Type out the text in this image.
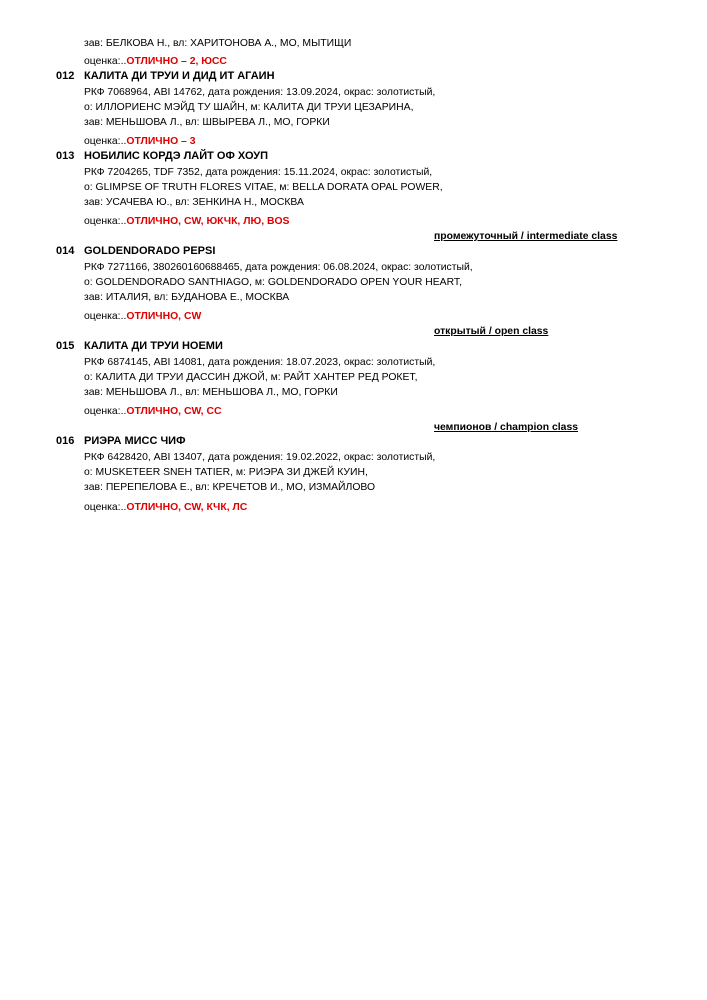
зав: БЕЛКОВА Н., вл: ХАРИТОНОВА А., МО, МЫТИЩИ
оценка:..ОТЛИЧНО – 2, ЮСС
012 КАЛИТА ДИ ТРУИ И ДИД ИТ АГАИН
РКФ 7068964, ABI 14762, дата рождения: 13.09.2024, окрас: золотистый,
о: ИЛЛОРИЕНС МЭЙД ТУ ШАЙН, м: КАЛИТА ДИ ТРУИ ЦЕЗАРИНА,
зав: МЕНЬШОВА Л., вл: ШВЫРЕВА Л., МО, ГОРКИ
оценка:..ОТЛИЧНО – 3
013 НОБИЛИС КОРДЭ ЛАЙТ ОФ ХОУП
РКФ 7204265, TDF 7352, дата рождения: 15.11.2024, окрас: золотистый,
о: GLIMPSE OF TRUTH FLORES VITAE, м: BELLA DORATA OPAL POWER,
зав: УСАЧЕВА Ю., вл: ЗЕНКИНА Н., МОСКВА
оценка:..ОТЛИЧНО, CW, ЮКЧК, ЛЮ, BOS
промежуточный / intermediate class
014 GOLDENDORADO PEPSI
РКФ 7271166, 380260160688465, дата рождения: 06.08.2024, окрас: золотистый,
о: GOLDENDORADO SANTHIAGO, м: GOLDENDORADO OPEN YOUR HEART,
зав: ИТАЛИЯ, вл: БУДАНОВА Е., МОСКВА
оценка:..ОТЛИЧНО, CW
открытый / open class
015 КАЛИТА ДИ ТРУИ НОЕМИ
РКФ 6874145, ABI 14081, дата рождения: 18.07.2023, окрас: золотистый,
о: КАЛИТА ДИ ТРУИ ДАССИН ДЖОЙ, м: РАЙТ ХАНТЕР РЕД РОКЕТ,
зав: МЕНЬШОВА Л., вл: МЕНЬШОВА Л., МО, ГОРКИ
оценка:..ОТЛИЧНО, CW, CC
чемпионов / champion class
016 РИЭРА МИСС ЧИФ
РКФ 6428420, ABI 13407, дата рождения: 19.02.2022, окрас: золотистый,
о: MUSKETEER SNEH TATIER, м: РИЭРА ЗИ ДЖЕЙ КУИН,
зав: ПЕРЕПЕЛОВА Е., вл: КРЕЧЕТОВ И., МО, ИЗМАЙЛОВО
оценка:..ОТЛИЧНО, CW, КЧК, ЛС
